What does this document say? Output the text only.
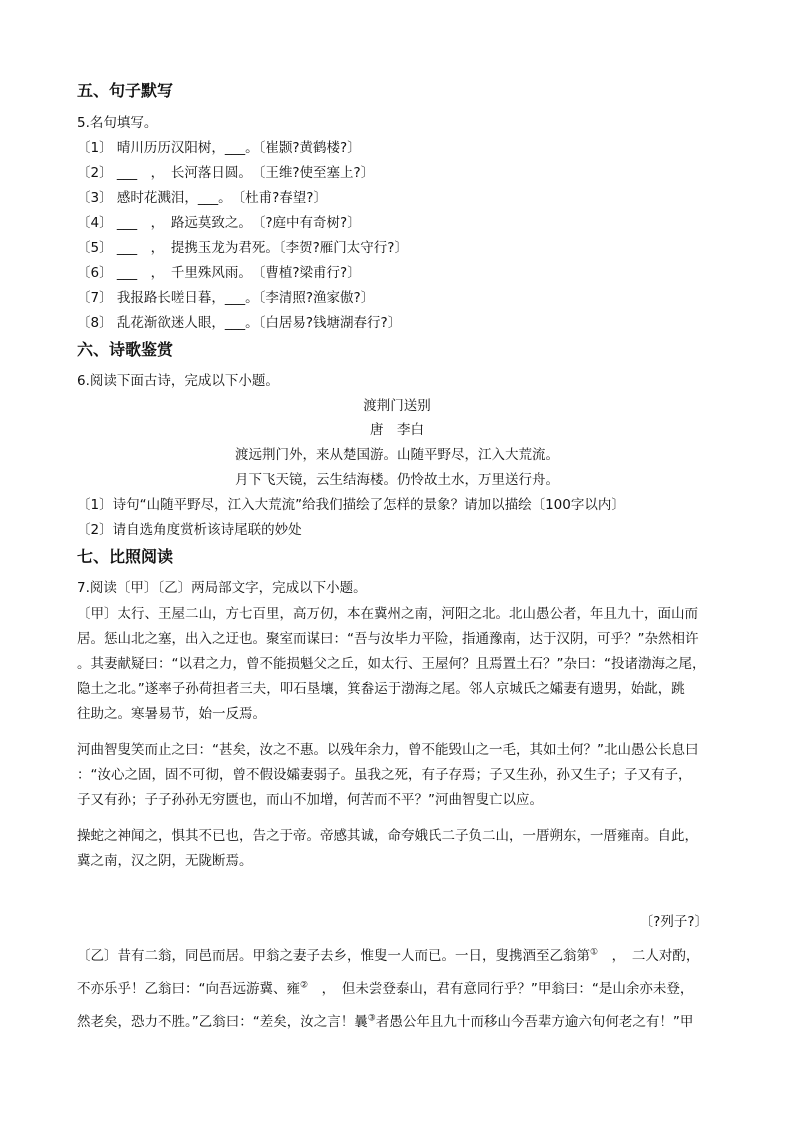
五、句子默写
5.名句填写。
〔1〕 晴川历历汉阳树，___。〔崔颢?黄鹤楼?〕
〔2〕 ___　，　长河落日圆。　〔王维?使至塞上?〕
〔3〕 感时花溅泪，___。　〔杜甫?春望?〕
〔4〕 ___　，　路远莫致之。　〔?庭中有奇树?〕
〔5〕 ___　，　提携玉龙为君死。〔李贺?雁门太守行?〕
〔6〕 ___　，　千里殊风雨。　〔曹植?梁甫行?〕
〔7〕 我报路长嗟日暮，___。〔李清照?渔家傲?〕
〔8〕 乱花渐欲迷人眼，___。〔白居易?钱塘湖春行?〕
六、诗歌鉴赏
6.阅读下面古诗，完成以下小题。
渡荆门送别
唐　李白
渡远荆门外，来从楚国游。山随平野尽，江入大荒流。
月下飞天镜，云生结海楼。仍怜故土水，万里送行舟。
〔1〕诗句“山随平野尽，江入大荒流”给我们描绘了怎样的景象？请加以描绘〔100字以内〕
〔2〕请自选角度赏析该诗尾联的妙处
七、比照阅读
7.阅读〔甲〕〔乙〕两局部文字，完成以下小题。
〔甲〕太行、王屋二山，方七百里，高万仞，本在冀州之南，河阳之北。北山愚公者，年且九十，面山而
居。惩山北之塞，出入之迂也。聚室而谋曰：“吾与汝毕力平险，指通豫南，达于汉阴，可乎？”杂然相许
。其妻献疑曰：“以君之力，曾不能损魁父之丘，如太行、王屋何？且焉置土石？”杂曰：“投诸渤海之尾，
隐土之北。”遂率子孙荷担者三夫，叩石垦壤，箕畚运于渤海之尾。邻人京城氏之孀妻有遗男，始龀，跳
往助之。寒暑易节，始一反焉。
河曲智叟笑而止之曰：“甚矣，汝之不惠。以残年余力，曾不能毁山之一毛，其如土何？”北山愚公长息曰
：“汝心之固，固不可彻，曾不假设孀妻弱子。虽我之死，有子存焉；子又生孙，孙又生子；子又有子，
子又有孙；子子孙孙无穷匮也，而山不加增，何苦而不平？”河曲智叟亡以应。
操蛇之神闻之，惧其不已也，告之于帝。帝感其诚，命夸娥氏二子负二山，一厝朔东，一厝雍南。自此，
冀之南，汉之阴，无陇断焉。
〔?列子?〕
〔乙〕昔有二翁，同邑而居。甲翁之妻子去乡，惟叟一人而已。一日，叟携酒至乙翁第①　，　二人对酌，
不亦乐乎！乙翁曰：“向吾远游冀、雍②　，　但未尝登泰山，君有意同行乎？”甲翁曰：“是山余亦未登，
然老矣，恐力不胜。”乙翁曰：“差矣，汝之言！曩③者愚公年且九十而移山今吾辈方逾六旬何老之有！”甲
